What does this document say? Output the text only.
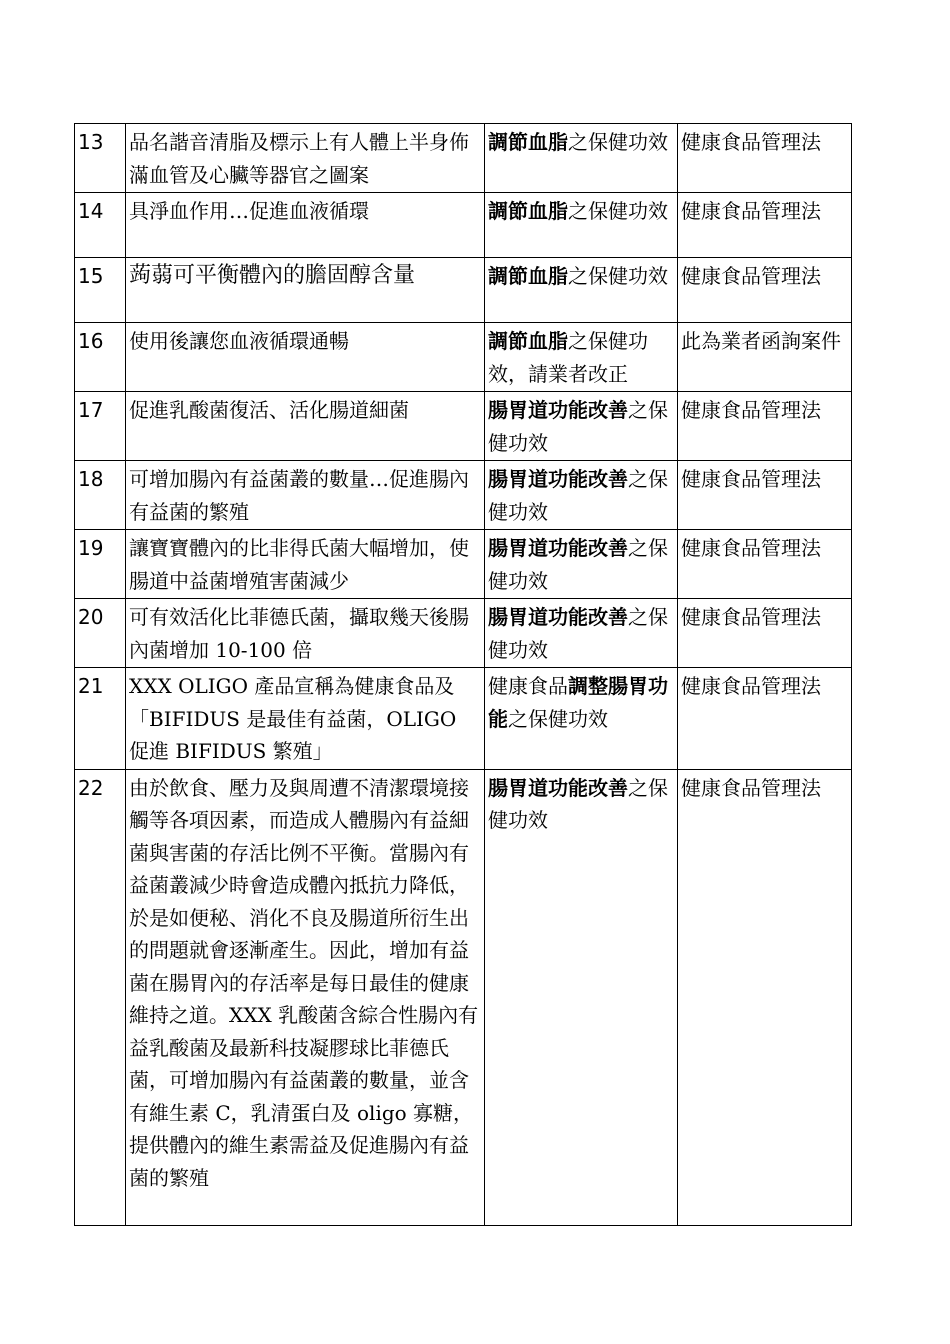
13	品名諧音清脂及標示上有人體上半身佈滿血管及心臟等器官之圖案	調節血脂之保健功效	健康食品管理法
14	具淨血作用…促進血液循環	調節血脂之保健功效	健康食品管理法
15	蒟蒻可平衡體內的膽固醇含量	調節血脂之保健功效	健康食品管理法
16	使用後讓您血液循環通暢	調節血脂之保健功效，請業者改正	此為業者函詢案件
17	促進乳酸菌復活、活化腸道細菌	腸胃道功能改善之保健功效	健康食品管理法
18	可增加腸內有益菌叢的數量…促進腸內有益菌的繁殖	腸胃道功能改善之保健功效	健康食品管理法
19	讓寶寶體內的比非得氏菌大幅增加，使腸道中益菌增殖害菌減少	腸胃道功能改善之保健功效	健康食品管理法
20	可有效活化比菲德氏菌，攝取幾天後腸內菌增加 10-100 倍	腸胃道功能改善之保健功效	健康食品管理法
21	XXX OLIGO 產品宣稱為健康食品及「BIFIDUS 是最佳有益菌，OLIGO 促進 BIFIDUS 繁殖」	健康食品調整腸胃功能之保健功效	健康食品管理法
22	由於飲食、壓力及與周遭不清潔環境接觸等各項因素，而造成人體腸內有益細菌與害菌的存活比例不平衡。當腸內有益菌叢減少時會造成體內抵抗力降低，於是如便秘、消化不良及腸道所衍生出的問題就會逐漸產生。因此，增加有益菌在腸胃內的存活率是每日最佳的健康維持之道。XXX 乳酸菌含綜合性腸內有益乳酸菌及最新科技凝膠球比菲德氏菌，可增加腸內有益菌叢的數量，並含有維生素 C，乳清蛋白及 oligo 寡糖，提供體內的維生素需益及促進腸內有益菌的繁殖	腸胃道功能改善之保健功效	健康食品管理法
